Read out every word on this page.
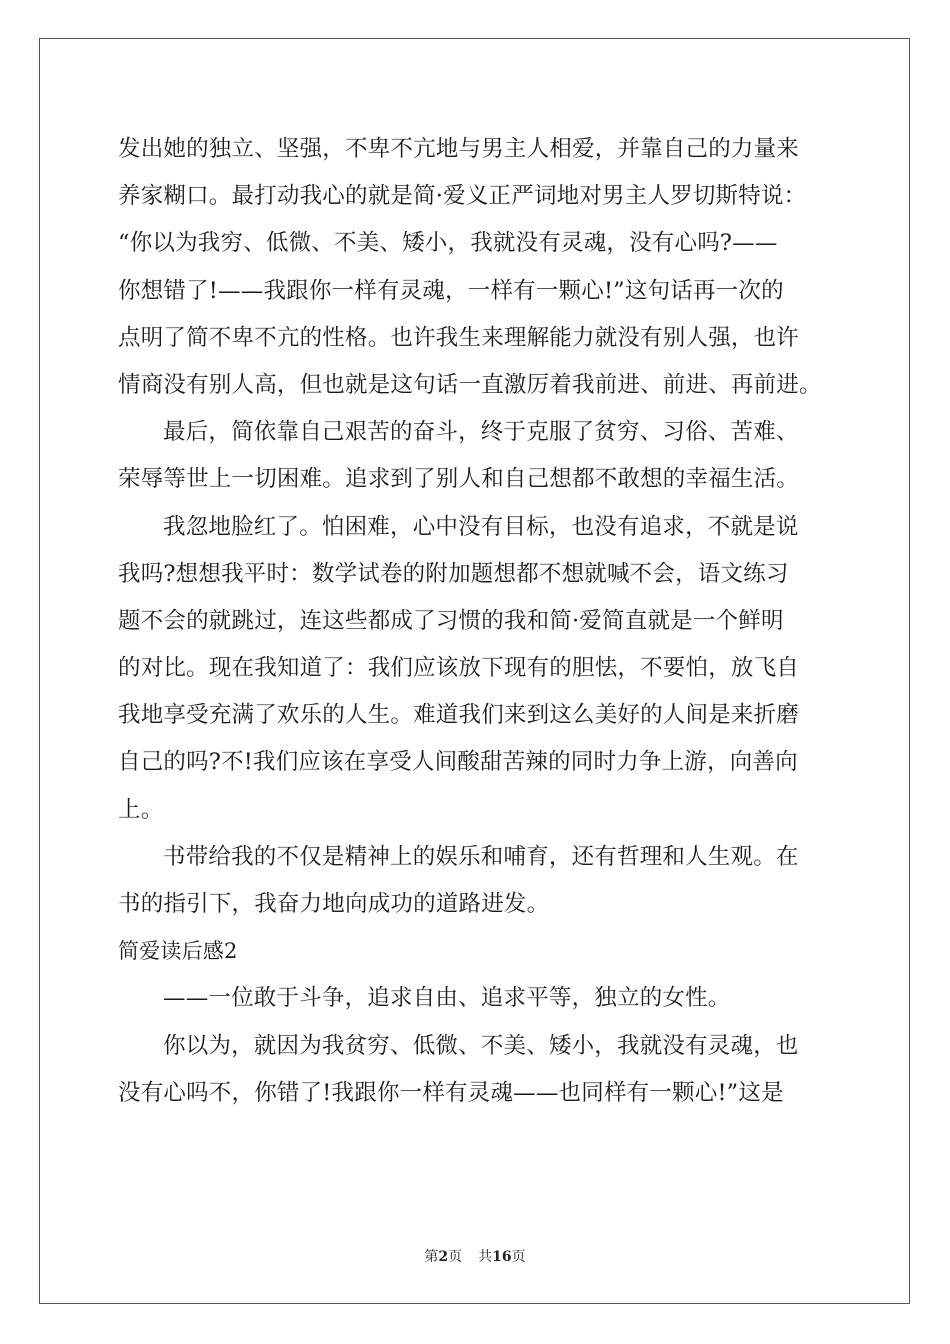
发出她的独立、坚强，不卑不亢地与男主人相爱，并靠自己的力量来
养家糊口。最打动我心的就是简·爱义正严词地对男主人罗切斯特说：
“你以为我穷、低微、不美、矮小，我就没有灵魂，没有心吗?——
你想错了!——我跟你一样有灵魂，一样有一颗心!”这句话再一次的
点明了简不卑不亢的性格。也许我生来理解能力就没有别人强，也许
情商没有别人高，但也就是这句话一直激厉着我前进、前进、再前进。
最后，简依靠自己艰苦的奋斗，终于克服了贫穷、习俗、苦难、
荣辱等世上一切困难。追求到了别人和自己想都不敢想的幸福生活。
我忽地脸红了。怕困难，心中没有目标，也没有追求，不就是说
我吗?想想我平时：数学试卷的附加题想都不想就喊不会，语文练习
题不会的就跳过，连这些都成了习惯的我和简·爱简直就是一个鲜明
的对比。现在我知道了：我们应该放下现有的胆怯，不要怕，放飞自
我地享受充满了欢乐的人生。难道我们来到这么美好的人间是来折磨
自己的吗?不!我们应该在享受人间酸甜苦辣的同时力争上游，向善向
上。
书带给我的不仅是精神上的娱乐和哺育，还有哲理和人生观。在
书的指引下，我奋力地向成功的道路进发。
简爱读后感2
——一位敢于斗争，追求自由、追求平等，独立的女性。
你以为，就因为我贫穷、低微、不美、矮小，我就没有灵魂，也
没有心吗不，你错了!我跟你一样有灵魂——也同样有一颗心!”这是
第2页 共16页
